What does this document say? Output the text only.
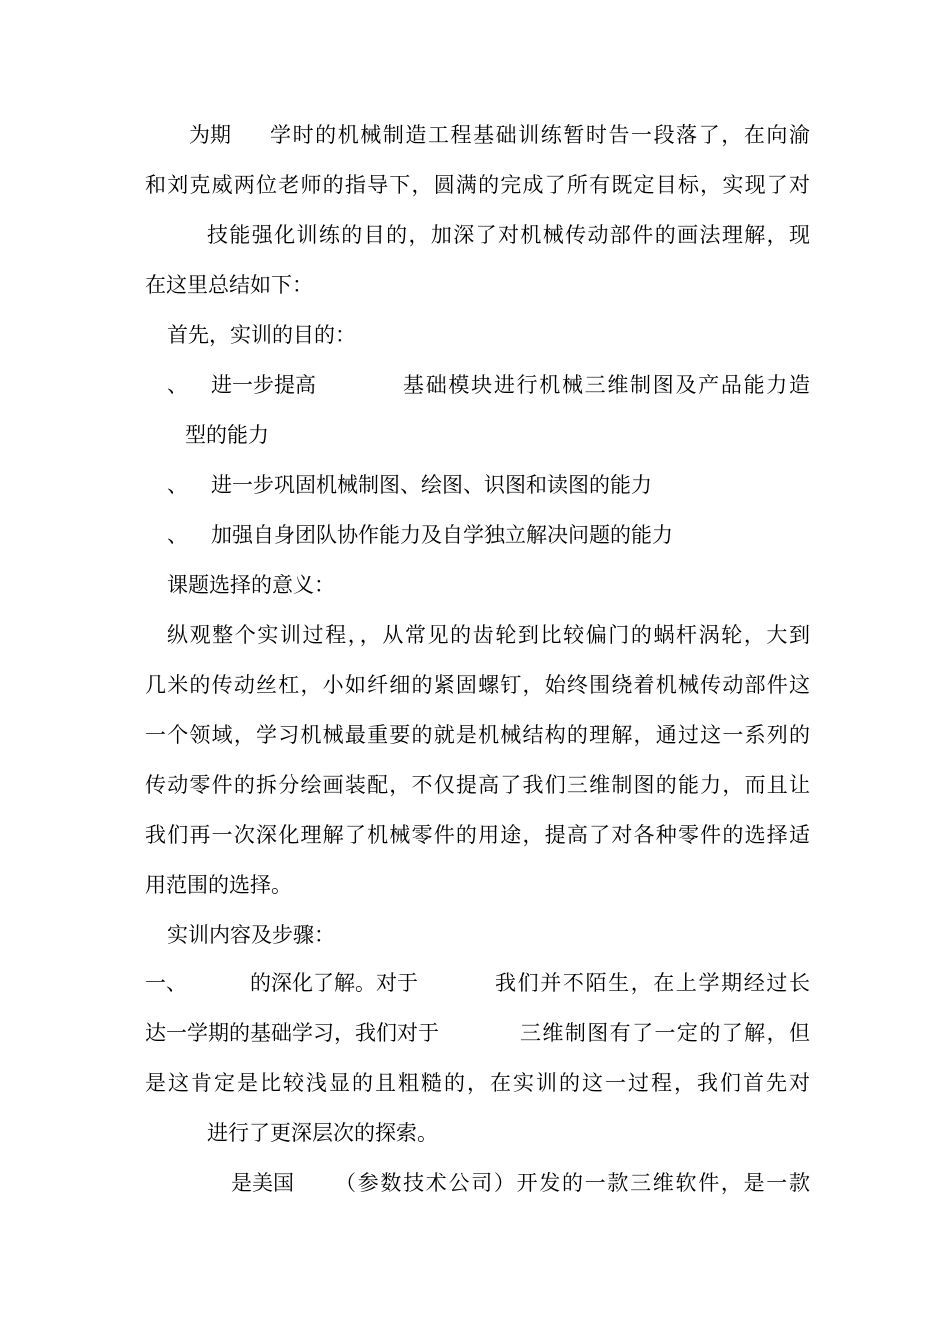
为期 学时的机械制造工程基础训练暂时告一段落了，在向渝
和刘克威两位老师的指导下，圆满的完成了所有既定目标，实现了对
技能强化训练的目的，加深了对机械传动部件的画法理解，现
在这里总结如下：
首先，实训的目的：
、 进一步提高	基础模块进行机械三维制图及产品能力造
型的能力
、 进一步巩固机械制图、绘图、识图和读图的能力
、 加强自身团队协作能力及自学独立解决问题的能力
课题选择的意义：
纵观整个实训过程，，从常见的齿轮到比较偏门的蜗杆涡轮，大到
几米的传动丝杠，小如纤细的紧固螺钉，始终围绕着机械传动部件这
一个领域，学习机械最重要的就是机械结构的理解，通过这一系列的
传动零件的拆分绘画装配，不仅提高了我们三维制图的能力，而且让
我们再一次深化理解了机械零件的用途，提高了对各种零件的选择适
用范围的选择。
实训内容及步骤：
一、	的深化了解。对于	我们并不陌生，在上学期经过长
达一学期的基础学习，我们对于	三维制图有了一定的了解，但
是这肯定是比较浅显的且粗糙的，在实训的这一过程，我们首先对
进行了更深层次的探索。
是美国 （参数技术公司）开发的一款三维软件，是一款
